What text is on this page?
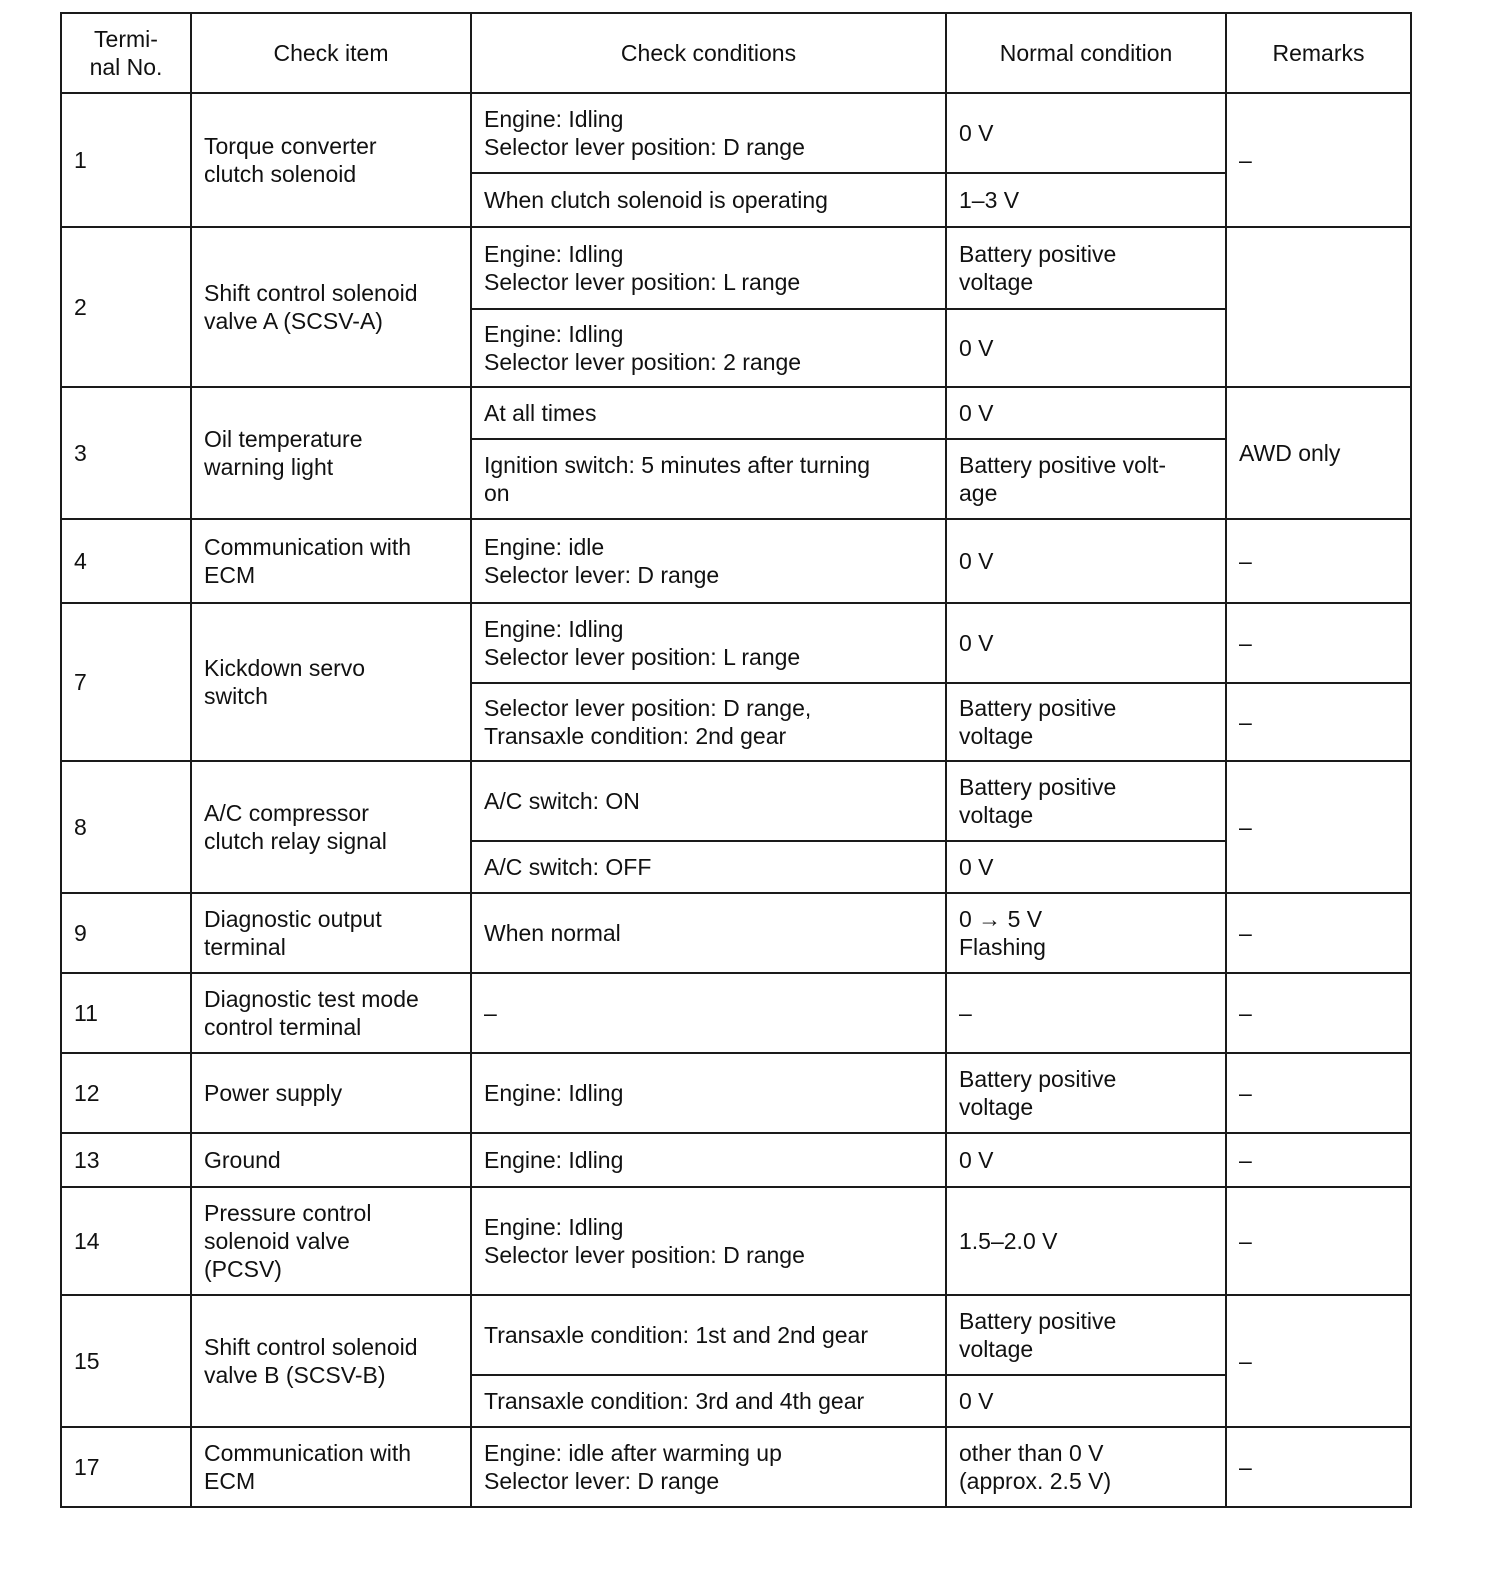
Termi-
nal No.	Check item	Check conditions	Normal condition	Remarks
1	Torque converter
clutch solenoid	Engine: Idling
Selector lever position: D range	0 V	–

		When clutch solenoid is operating	1–3 V	

2	Shift control solenoid
valve A (SCSV-A)	Engine: Idling
Selector lever position: L range	Battery positive
voltage	

		Engine: Idling
Selector lever position: 2 range	0 V	

3	Oil temperature
warning light	At all times	0 V	AWD only

		Ignition switch: 5 minutes after turning
on	Battery positive volt-
age	

4	Communication with
ECM	Engine: idle
Selector lever: D range	0 V	–
7	Kickdown servo
switch	Engine: Idling
Selector lever position: L range	0 V	–

		Selector lever position: D range,
Transaxle condition: 2nd gear	Battery positive
voltage	–
8	A/C compressor
clutch relay signal	A/C switch: ON	Battery positive
voltage	–

		A/C switch: OFF	0 V	

9	Diagnostic output
terminal	When normal	0 → 5 V
Flashing	–
11	Diagnostic test mode
control terminal	–	–	–
12	Power supply	Engine: Idling	Battery positive
voltage	–
13	Ground	Engine: Idling	0 V	–
14	Pressure control
solenoid valve
(PCSV)	Engine: Idling
Selector lever position: D range	1.5–2.0 V	–
15	Shift control solenoid
valve B (SCSV-B)	Transaxle condition: 1st and 2nd gear	Battery positive
voltage	–

		Transaxle condition: 3rd and 4th gear	0 V	

17	Communication with
ECM	Engine: idle after warming up
Selector lever: D range	other than 0 V
(approx. 2.5 V)	–
